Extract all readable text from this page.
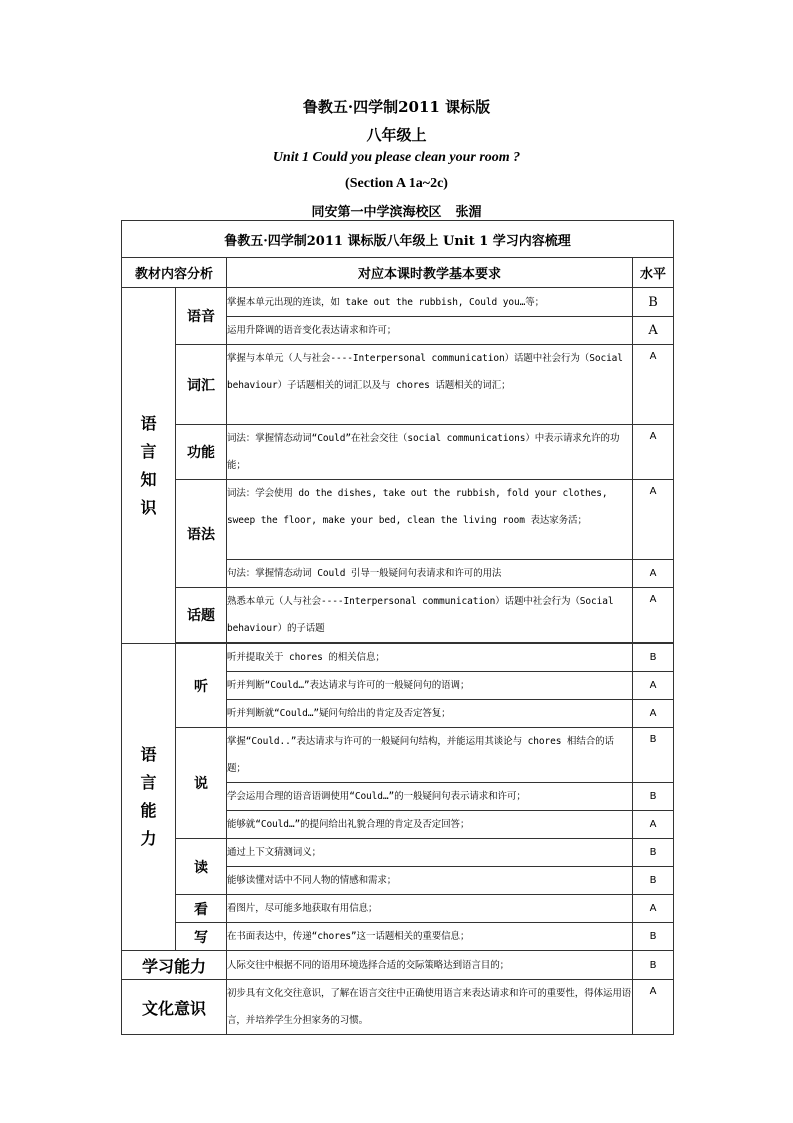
鲁教五·四学制2011 课标版
八年级上
Unit 1 Could you please clean your room ?
(Section A 1a~2c)
同安第一中学滨海校区 张湄
鲁教五·四学制2011 课标版八年级上 Unit 1 学习内容梳理			
教材内容分析		对应本课时教学基本要求	水平

语
言
知
识	语音	掌握本单元出现的连读，如 take out the rubbish, Could you…等；	B
		运用升降调的语音变化表达请求和许可；	A
	词汇	掌握与本单元（人与社会----Interpersonal communication）话题中社会行为（Social behaviour）子话题相关的词汇以及与 chores 话题相关的词汇；	A
	功能	词法：掌握情态动词“Could”在社会交往（social communications）中表示请求允许的功能；	A
	语法	词法：学会使用 do the dishes, take out the rubbish, fold your clothes, sweep the floor, make your bed, clean the living room 表达家务活；	A
		句法：掌握情态动词 Could 引导一般疑问句表请求和许可的用法	A
	话题	熟悉本单元（人与社会----Interpersonal communication）话题中社会行为（Social behaviour）的子话题	A

语
言
能
力	听	听并提取关于 chores 的相关信息；	B
		听并判断“Could…”表达请求与许可的一般疑问句的语调；	A
		听并判断就“Could…”疑问句给出的肯定及否定答复；	A
	说	掌握“Could..”表达请求与许可的一般疑问句结构，并能运用其谈论与 chores 相结合的话题；	B
		学会运用合理的语音语调使用“Could…”的一般疑问句表示请求和许可；	B
		能够就“Could…”的提问给出礼貌合理的肯定及否定回答；	A
	读	通过上下文猜测词义；	B
		能够读懂对话中不同人物的情感和需求；	B
	看	看图片，尽可能多地获取有用信息；	A
	写	在书面表达中，传递“chores”这一话题相关的重要信息；	B
学习能力		人际交往中根据不同的语用环境选择合适的交际策略达到语言目的；	B
文化意识		初步具有文化交往意识，了解在语言交往中正确使用语言来表达请求和许可的重要性，得体运用语言，并培养学生分担家务的习惯。	A
